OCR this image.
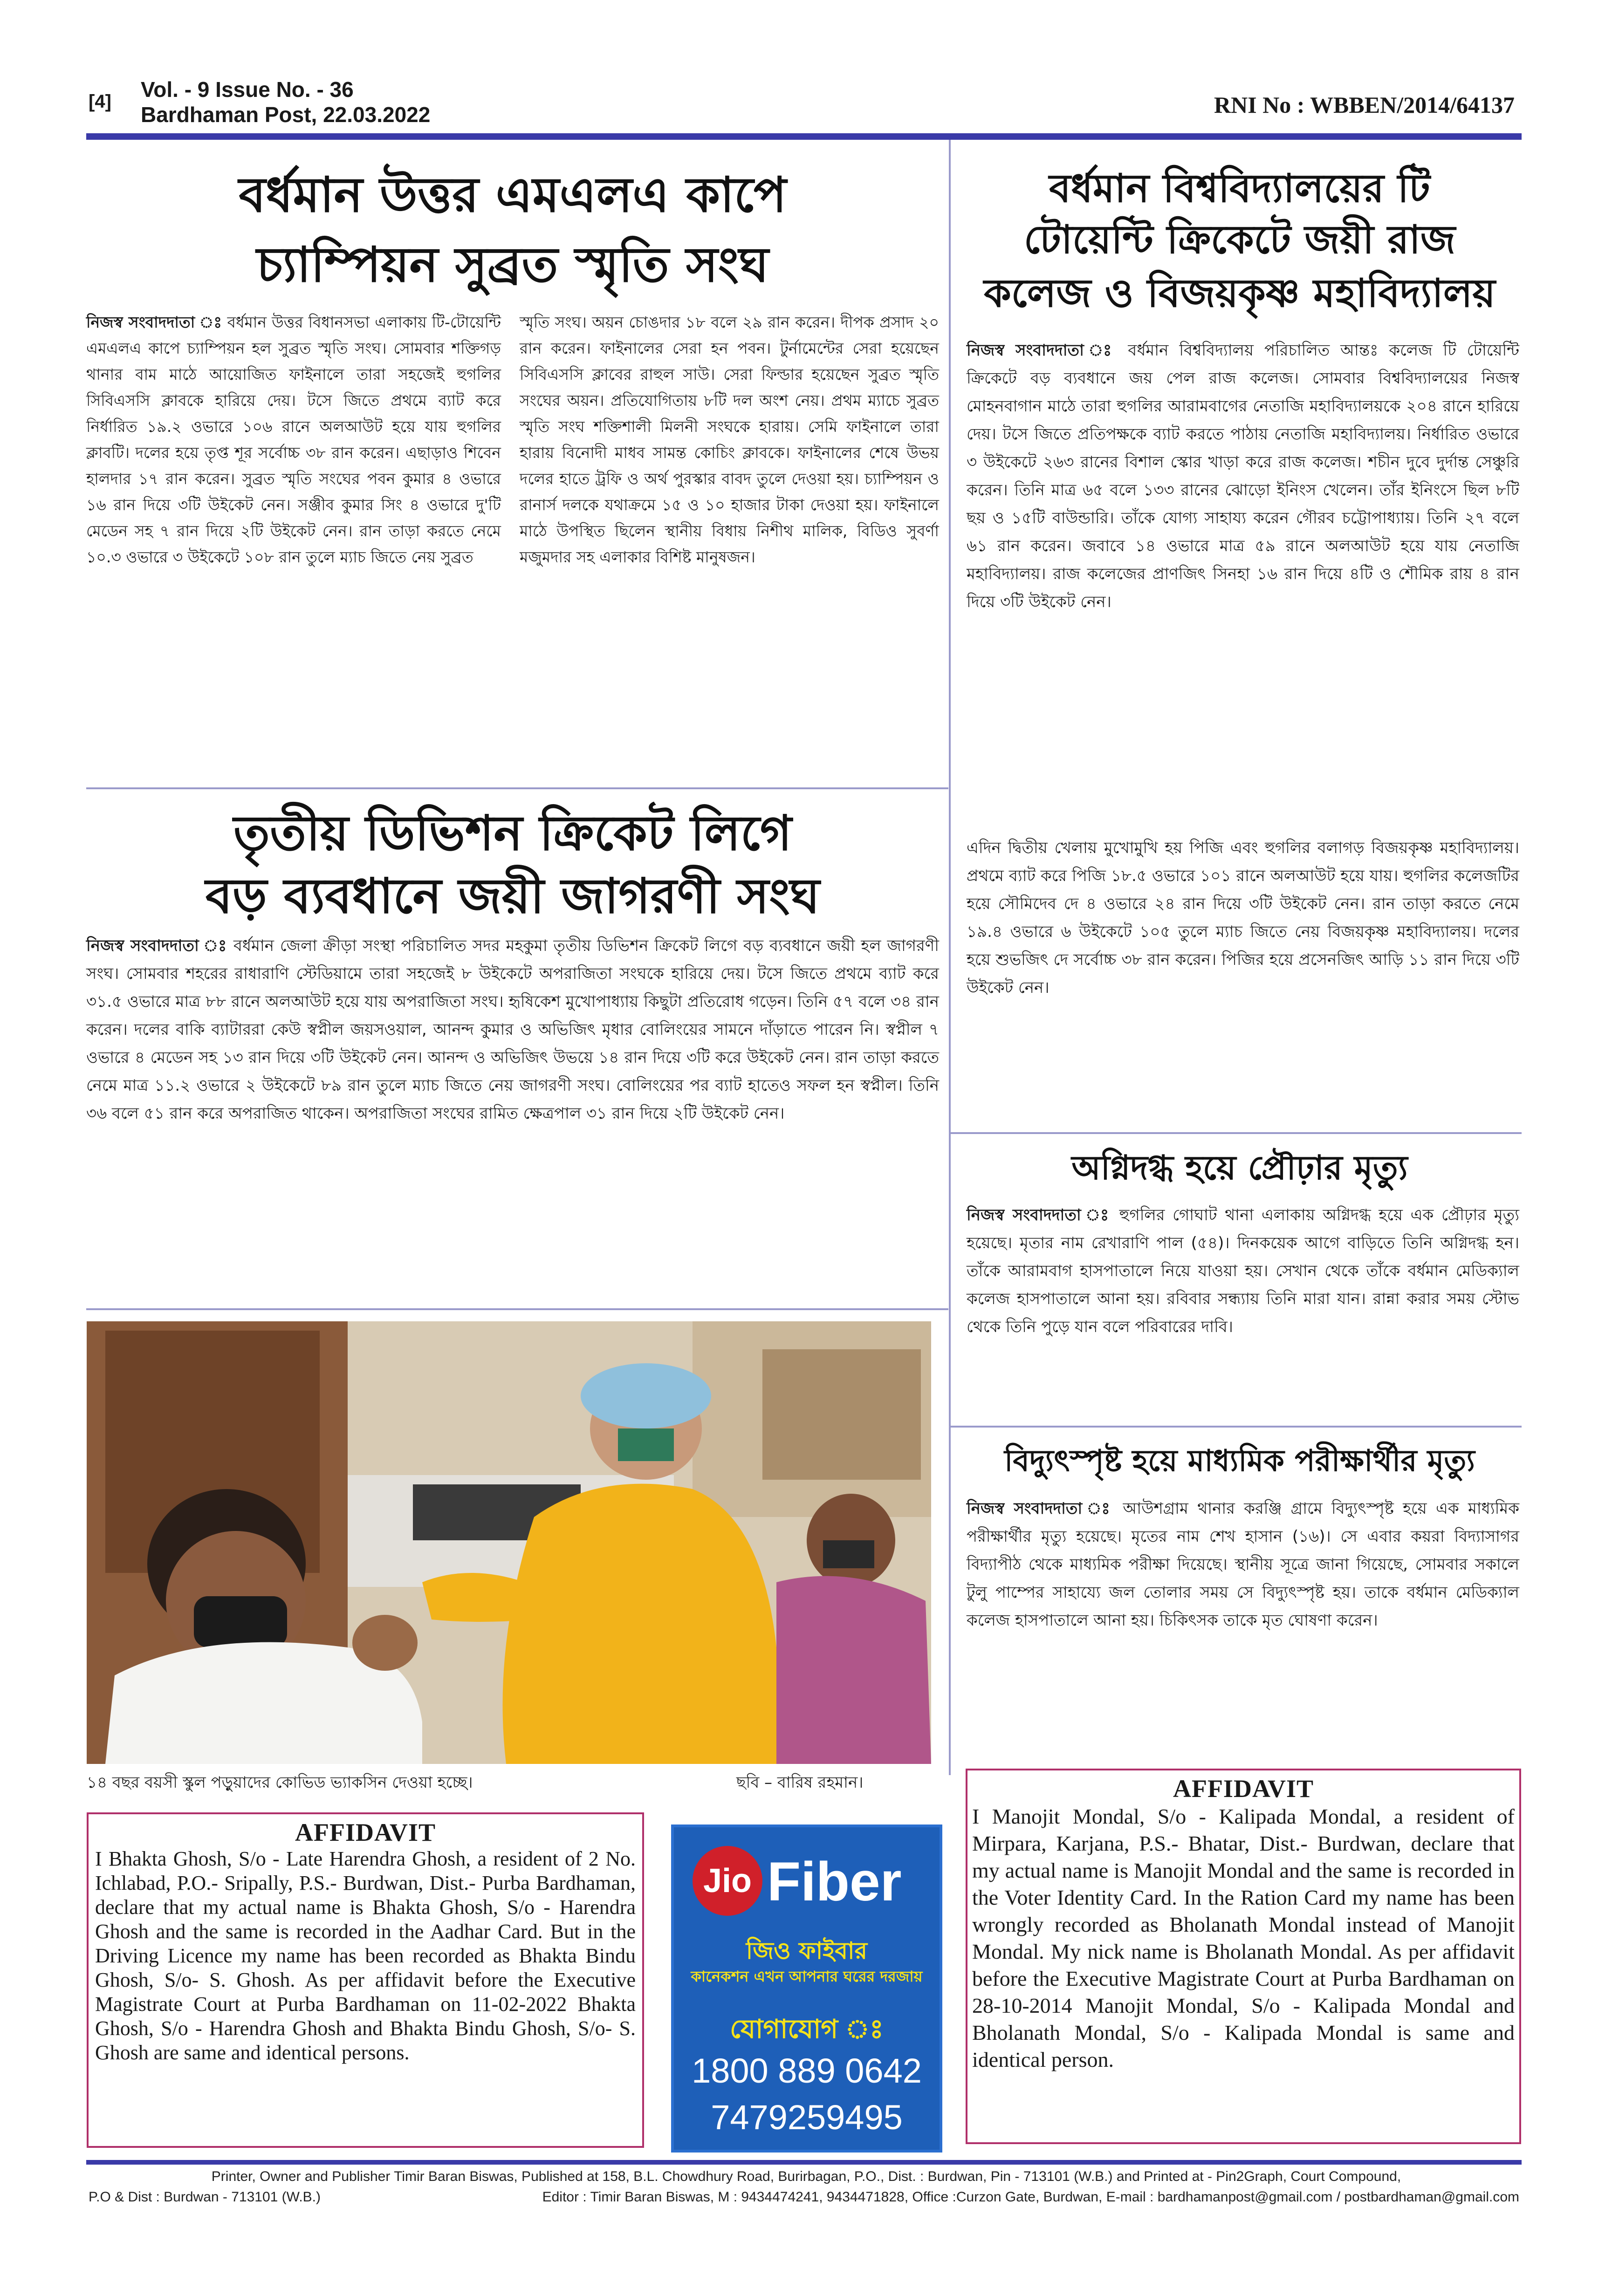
[4] Vol. - 9 Issue No. - 36
Bardhaman Post, 22.03.2022	RNI No : WBBEN/2014/64137
বর্ধমান উত্তর এমএলএ কাপে
চ্যাম্পিয়ন সুব্রত স্মৃতি সংঘ
নিজস্ব সংবাদদাতা ঃ বর্ধমান উত্তর বিধানসভা এলাকায় টি-টোয়েন্টি এমএলএ কাপে চ্যাম্পিয়ন হল সুব্রত স্মৃতি সংঘ। সোমবার শক্তিগড় থানার বাম মাঠে আয়োজিত ফাইনালে তারা সহজেই হুগলির সিবিএসসি ক্লাবকে হারিয়ে দেয়। টসে জিতে প্রথমে ব্যাট করে নির্ধারিত ১৯.২ ওভারে ১০৬ রানে অলআউট হয়ে যায় হুগলির ক্লাবটি। দলের হয়ে তৃপ্ত শূর সর্বোচ্চ ৩৮ রান করেন। এছাড়াও শিবেন হালদার ১৭ রান করেন। সুব্রত স্মৃতি সংঘের পবন কুমার ৪ ওভারে ১৬ রান দিয়ে ৩টি উইকেট নেন। সঞ্জীব কুমার সিং ৪ ওভারে দু'টি মেডেন সহ ৭ রান দিয়ে ২টি উইকেট নেন। রান তাড়া করতে নেমে ১০.৩ ওভারে ৩ উইকেটে ১০৮ রান তুলে ম্যাচ জিতে নেয় সুব্রত
স্মৃতি সংঘ। অয়ন চোঙদার ১৮ বলে ২৯ রান করেন। দীপক প্রসাদ ২০ রান করেন। ফাইনালের সেরা হন পবন। টুর্নামেন্টের সেরা হয়েছেন সিবিএসসি ক্লাবের রাহুল সাউ। সেরা ফিল্ডার হয়েছেন সুব্রত স্মৃতি সংঘের অয়ন। প্রতিযোগিতায় ৮টি দল অংশ নেয়। প্রথম ম্যাচে সুব্রত স্মৃতি সংঘ শক্তিশালী মিলনী সংঘকে হারায়। সেমি ফাইনালে তারা হারায় বিনোদী মাধব সামন্ত কোচিং ক্লাবকে। ফাইনালের শেষে উভয় দলের হাতে ট্রফি ও অর্থ পুরস্কার বাবদ তুলে দেওয়া হয়। চ্যাম্পিয়ন ও রানার্স দলকে যথাক্রমে ১৫ ও ১০ হাজার টাকা দেওয়া হয়। ফাইনালে মাঠে উপস্থিত ছিলেন স্থানীয় বিধায় নিশীথ মালিক, বিডিও সুবর্ণা মজুমদার সহ এলাকার বিশিষ্ট মানুষজন।
তৃতীয় ডিভিশন ক্রিকেট লিগে
বড় ব্যবধানে জয়ী জাগরণী সংঘ
নিজস্ব সংবাদদাতা ঃ বর্ধমান জেলা ক্রীড়া সংস্থা পরিচালিত সদর মহকুমা তৃতীয় ডিভিশন ক্রিকেট লিগে বড় ব্যবধানে জয়ী হল জাগরণী সংঘ। সোমবার শহরের রাধারাণি স্টেডিয়ামে তারা সহজেই ৮ উইকেটে অপরাজিতা সংঘকে হারিয়ে দেয়। টসে জিতে প্রথমে ব্যাট করে ৩১.৫ ওভারে মাত্র ৮৮ রানে অলআউট হয়ে যায় অপরাজিতা সংঘ। হৃষিকেশ মুখোপাধ্যায় কিছুটা প্রতিরোধ গড়েন। তিনি ৫৭ বলে ৩৪ রান করেন। দলের বাকি ব্যাটাররা কেউ স্বপ্নীল জয়সওয়াল, আনন্দ কুমার ও অভিজিৎ মৃধার বোলিংয়ের সামনে দাঁড়াতে পারেন নি। স্বপ্নীল ৭ ওভারে ৪ মেডেন সহ ১৩ রান দিয়ে ৩টি উইকেট নেন। আনন্দ ও অভিজিৎ উভয়ে ১৪ রান দিয়ে ৩টি করে উইকেট নেন। রান তাড়া করতে নেমে মাত্র ১১.২ ওভারে ২ উইকেটে ৮৯ রান তুলে ম্যাচ জিতে নেয় জাগরণী সংঘ। বোলিংয়ের পর ব্যাট হাতেও সফল হন স্বপ্নীল। তিনি ৩৬ বলে ৫১ রান করে অপরাজিত থাকেন। অপরাজিতা সংঘের রামিত ক্ষেত্রপাল ৩১ রান দিয়ে ২টি উইকেট নেন।
১৪ বছর বয়সী স্কুল পড়ুয়াদের কোভিড ভ্যাকসিন দেওয়া হচ্ছে।	ছবি – বারিষ রহমান।
AFFIDAVIT
I Bhakta Ghosh, S/o - Late Harendra Ghosh, a resident of 2 No. Ichlabad, P.O.- Sripally, P.S.- Burdwan, Dist.- Purba Bardhaman, declare that my actual name is Bhakta Ghosh, S/o - Harendra Ghosh and the same is recorded in the Aadhar Card. But in the Driving Licence my name has been recorded as Bhakta Bindu Ghosh, S/o- S. Ghosh. As per affidavit before the Executive Magistrate Court at Purba Bardhaman on 11-02-2022 Bhakta Ghosh, S/o - Harendra Ghosh and Bhakta Bindu Ghosh, S/o- S. Ghosh are same and identical persons.
Jio Fiber
জিও ফাইবার
কানেকশন এখন আপনার ঘরের দরজায়
যোগাযোগ ঃ
1800 889 0642
7479259495
বর্ধমান বিশ্ববিদ্যালয়ের টি
টোয়েন্টি ক্রিকেটে জয়ী রাজ
কলেজ ও বিজয়কৃষ্ণ মহাবিদ্যালয়
নিজস্ব সংবাদদাতা ঃ বর্ধমান বিশ্ববিদ্যালয় পরিচালিত আন্তঃ কলেজ টি টোয়েন্টি ক্রিকেটে বড় ব্যবধানে জয় পেল রাজ কলেজ। সোমবার বিশ্ববিদ্যালয়ের নিজস্ব মোহনবাগান মাঠে তারা হুগলির আরামবাগের নেতাজি মহাবিদ্যালয়কে ২০৪ রানে হারিয়ে দেয়। টসে জিতে প্রতিপক্ষকে ব্যাট করতে পাঠায় নেতাজি মহাবিদ্যালয়। নির্ধারিত ওভারে ৩ উইকেটে ২৬৩ রানের বিশাল স্কোর খাড়া করে রাজ কলেজ। শচীন দুবে দুর্দান্ত সেঞ্চুরি করেন। তিনি মাত্র ৬৫ বলে ১৩৩ রানের ঝোড়ো ইনিংস খেলেন। তাঁর ইনিংসে ছিল ৮টি ছয় ও ১৫টি বাউন্ডারি। তাঁকে যোগ্য সাহায্য করেন গৌরব চট্টোপাধ্যায়। তিনি ২৭ বলে ৬১ রান করেন। জবাবে ১৪ ওভারে মাত্র ৫৯ রানে অলআউট হয়ে যায় নেতাজি মহাবিদ্যালয়। রাজ কলেজের প্রাণজিৎ সিনহা ১৬ রান দিয়ে ৪টি ও শৌমিক রায় ৪ রান দিয়ে ৩টি উইকেট নেন।
এদিন দ্বিতীয় খেলায় মুখোমুখি হয় পিজি এবং হুগলির বলাগড় বিজয়কৃষ্ণ মহাবিদ্যালয়। প্রথমে ব্যাট করে পিজি ১৮.৫ ওভারে ১০১ রানে অলআউট হয়ে যায়। হুগলির কলেজটির হয়ে সৌমিদেব দে ৪ ওভারে ২৪ রান দিয়ে ৩টি উইকেট নেন। রান তাড়া করতে নেমে ১৯.৪ ওভারে ৬ উইকেটে ১০৫ তুলে ম্যাচ জিতে নেয় বিজয়কৃষ্ণ মহাবিদ্যালয়। দলের হয়ে শুভজিৎ দে সর্বোচ্চ ৩৮ রান করেন। পিজির হয়ে প্রসেনজিৎ আড়ি ১১ রান দিয়ে ৩টি উইকেট নেন।
অগ্নিদগ্ধ হয়ে প্রৌঢ়ার মৃত্যু
নিজস্ব সংবাদদাতা ঃ হুগলির গোঘাট থানা এলাকায় অগ্নিদগ্ধ হয়ে এক প্রৌঢ়ার মৃত্যু হয়েছে। মৃতার নাম রেখারাণি পাল (৫৪)। দিনকয়েক আগে বাড়িতে তিনি অগ্নিদগ্ধ হন। তাঁকে আরামবাগ হাসপাতালে নিয়ে যাওয়া হয়। সেখান থেকে তাঁকে বর্ধমান মেডিক্যাল কলেজ হাসপাতালে আনা হয়। রবিবার সন্ধ্যায় তিনি মারা যান। রান্না করার সময় স্টোভ থেকে তিনি পুড়ে যান বলে পরিবারের দাবি।
বিদ্যুৎস্পৃষ্ট হয়ে মাধ্যমিক পরীক্ষার্থীর মৃত্যু
নিজস্ব সংবাদদাতা ঃ আউশগ্রাম থানার করঞ্জি গ্রামে বিদ্যুৎস্পৃষ্ট হয়ে এক মাধ্যমিক পরীক্ষার্থীর মৃত্যু হয়েছে। মৃতের নাম শেখ হাসান (১৬)। সে এবার কয়রা বিদ্যাসাগর বিদ্যাপীঠ থেকে মাধ্যমিক পরীক্ষা দিয়েছে। স্থানীয় সূত্রে জানা গিয়েছে, সোমবার সকালে টুলু পাম্পের সাহায্যে জল তোলার সময় সে বিদ্যুৎস্পৃষ্ট হয়। তাকে বর্ধমান মেডিক্যাল কলেজ হাসপাতালে আনা হয়। চিকিৎসক তাকে মৃত ঘোষণা করেন।
AFFIDAVIT
I Manojit Mondal, S/o - Kalipada Mondal, a resident of Mirpara, Karjana, P.S.- Bhatar, Dist.- Burdwan, declare that my actual name is Manojit Mondal and the same is recorded in the Voter Identity Card. In the Ration Card my name has been wrongly recorded as Bholanath Mondal instead of Manojit Mondal. My nick name is Bholanath Mondal. As per affidavit before the Executive Magistrate Court at Purba Bardhaman on 28-10-2014 Manojit Mondal, S/o - Kalipada Mondal and Bholanath Mondal, S/o - Kalipada Mondal is same and identical person.
Printer, Owner and Publisher Timir Baran Biswas, Published at 158, B.L. Chowdhury Road, Burirbagan, P.O., Dist. : Burdwan, Pin - 713101 (W.B.) and Printed at - Pin2Graph, Court Compound,
P.O & Dist : Burdwan - 713101 (W.B.)	Editor : Timir Baran Biswas, M : 9434474241, 9434471828, Office :Curzon Gate, Burdwan, E-mail : bardhamanpost@gmail.com / postbardhaman@gmail.com
